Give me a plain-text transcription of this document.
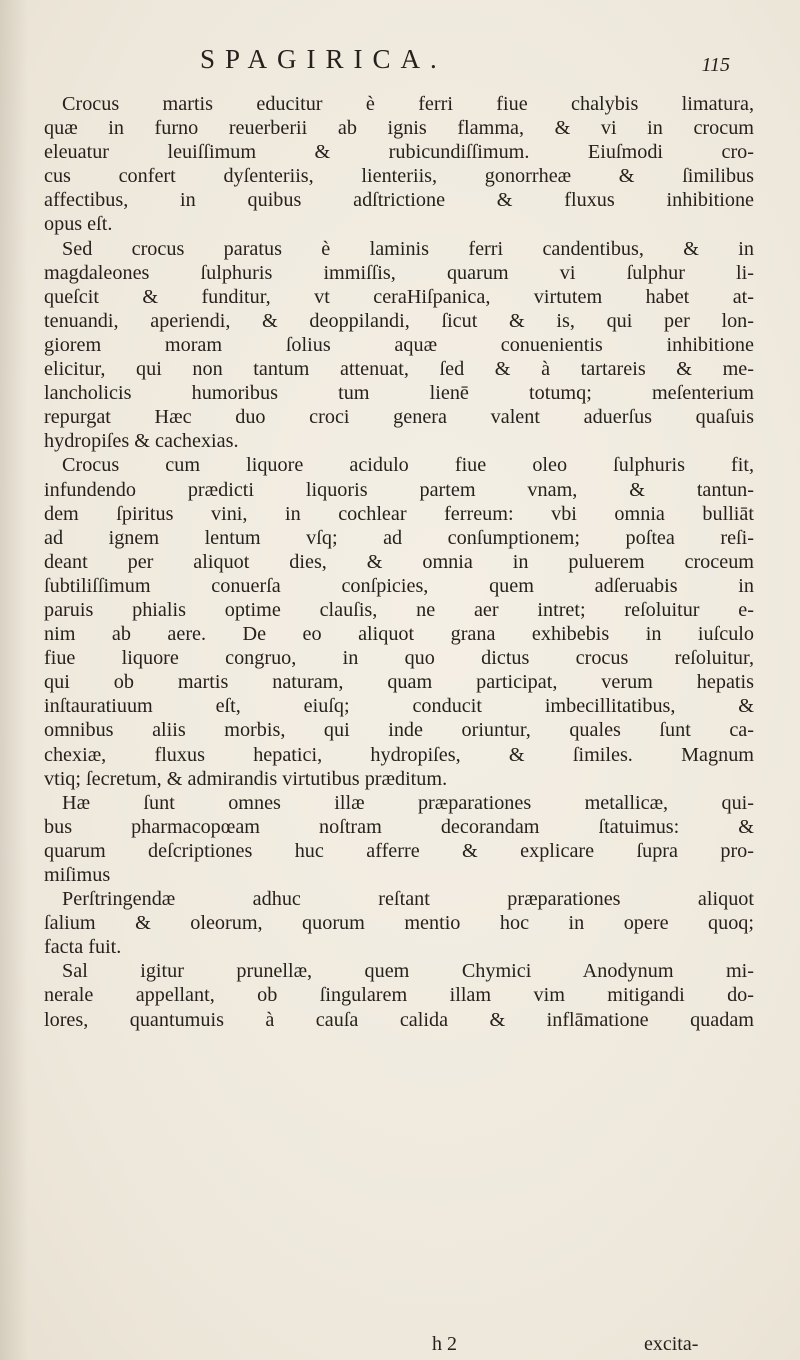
SPAGIRICA.	115
Crocus martis educitur è ferri fiue chalybis limatura,
quæ in furno reuerberii ab ignis flamma, & vi in crocum
eleuatur leuiſſimum & rubicundiſſimum. Eiuſmodi cro-
cus confert dyſenteriis, lienteriis, gonorrheæ & ſimilibus
affectibus, in quibus adſtrictione & fluxus inhibitione
opus eſt.
Sed crocus paratus è laminis ferri candentibus, & in
magdaleones ſulphuris immiſſis, quarum vi ſulphur li-
queſcit & funditur, vt ceraHiſpanica, virtutem habet at-
tenuandi, aperiendi, & deoppilandi, ſicut & is, qui per lon-
giorem moram ſolius aquæ conuenientis inhibitione
elicitur, qui non tantum attenuat, ſed & à tartareis & me-
lancholicis humoribus tum lienē totumq; meſenterium
repurgat Hæc duo croci genera valent aduerſus quaſuis
hydropiſes & cachexias.
Crocus cum liquore acidulo fiue oleo ſulphuris fit,
infundendo prædicti liquoris partem vnam, & tantun-
dem ſpiritus vini, in cochlear ferreum: vbi omnia bulliāt
ad ignem lentum vſq; ad conſumptionem; poſtea reſi-
deant per aliquot dies, & omnia in puluerem croceum
ſubtiliſſimum conuerſa conſpicies, quem adſeruabis in
paruis phialis optime clauſis, ne aer intret; reſoluitur e-
nim ab aere. De eo aliquot grana exhibebis in iuſculo
fiue liquore congruo, in quo dictus crocus reſoluitur,
qui ob martis naturam, quam participat, verum hepatis
inſtauratiuum eſt, eiuſq; conducit imbecillitatibus, &
omnibus aliis morbis, qui inde oriuntur, quales ſunt ca-
chexiæ, fluxus hepatici, hydropiſes, & ſimiles. Magnum
vtiq; ſecretum, & admirandis virtutibus præditum.
Hæ ſunt omnes illæ præparationes metallicæ, qui-
bus pharmacopœam noſtram decorandam ſtatuimus: &
quarum deſcriptiones huc afferre & explicare ſupra pro-
miſimus
Perſtringendæ adhuc reſtant præparationes aliquot
ſalium & oleorum, quorum mentio hoc in opere quoq;
facta fuit.
Sal igitur prunellæ, quem Chymici Anodynum mi-
nerale appellant, ob ſingularem illam vim mitigandi do-
lores, quantumuis à cauſa calida & inflāmatione quadam
h 2	excita-
